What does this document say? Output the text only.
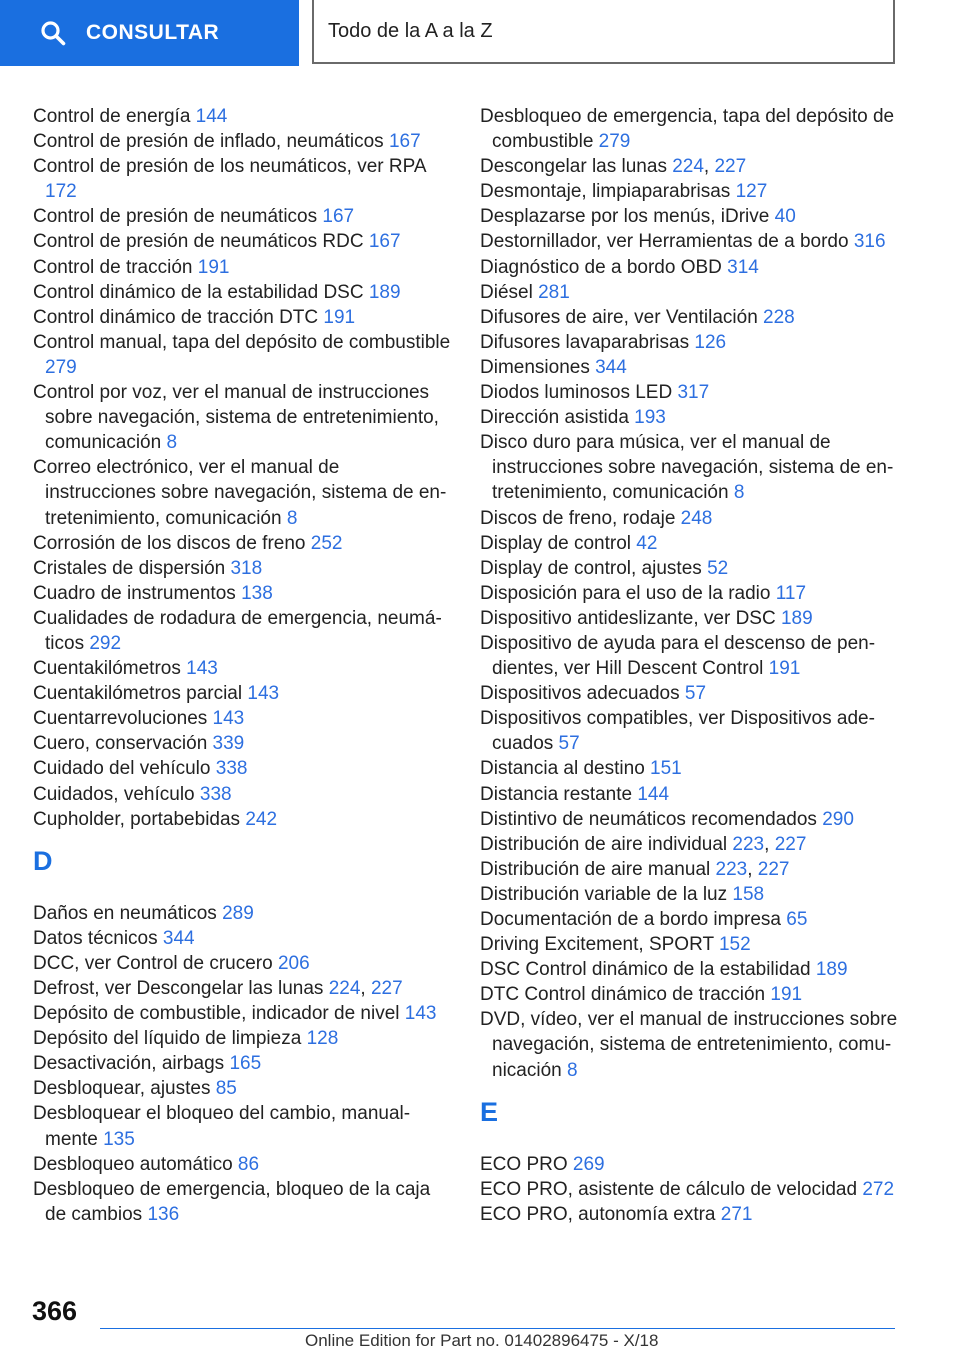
CONSULTAR	Todo de la A a la Z
Control de energía 144
Control de presión de inflado, neumáticos 167
Control de presión de los neumáticos, ver RPA 172
Control de presión de neumáticos 167
Control de presión de neumáticos RDC 167
Control de tracción 191
Control dinámico de la estabilidad DSC 189
Control dinámico de tracción DTC 191
Control manual, tapa del depósito de combustible 279
Control por voz, ver el manual de instrucciones sobre navegación, sistema de entretenimiento, comunicación 8
Correo electrónico, ver el manual de instrucciones sobre navegación, sistema de entretenimiento, comunicación 8
Corrosión de los discos de freno 252
Cristales de dispersión 318
Cuadro de instrumentos 138
Cualidades de rodadura de emergencia, neumáticos 292
Cuentakilómetros 143
Cuentakilómetros parcial 143
Cuentarrevoluciones 143
Cuero, conservación 339
Cuidado del vehículo 338
Cuidados, vehículo 338
Cupholder, portabebidas 242
D
Daños en neumáticos 289
Datos técnicos 344
DCC, ver Control de crucero 206
Defrost, ver Descongelar las lunas 224, 227
Depósito de combustible, indicador de nivel 143
Depósito del líquido de limpieza 128
Desactivación, airbags 165
Desbloquear, ajustes 85
Desbloquear el bloqueo del cambio, manualmente 135
Desbloqueo automático 86
Desbloqueo de emergencia, bloqueo de la caja de cambios 136
Desbloqueo de emergencia, tapa del depósito de combustible 279
Descongelar las lunas 224, 227
Desmontaje, limpiaparabrisas 127
Desplazarse por los menús, iDrive 40
Destornillador, ver Herramientas de a bordo 316
Diagnóstico de a bordo OBD 314
Diésel 281
Difusores de aire, ver Ventilación 228
Difusores lavaparabrisas 126
Dimensiones 344
Diodos luminosos LED 317
Dirección asistida 193
Disco duro para música, ver el manual de instrucciones sobre navegación, sistema de entretenimiento, comunicación 8
Discos de freno, rodaje 248
Display de control 42
Display de control, ajustes 52
Disposición para el uso de la radio 117
Dispositivo antideslizante, ver DSC 189
Dispositivo de ayuda para el descenso de pendientes, ver Hill Descent Control 191
Dispositivos adecuados 57
Dispositivos compatibles, ver Dispositivos adecuados 57
Distancia al destino 151
Distancia restante 144
Distintivo de neumáticos recomendados 290
Distribución de aire individual 223, 227
Distribución de aire manual 223, 227
Distribución variable de la luz 158
Documentación de a bordo impresa 65
Driving Excitement, SPORT 152
DSC Control dinámico de la estabilidad 189
DTC Control dinámico de tracción 191
DVD, vídeo, ver el manual de instrucciones sobre navegación, sistema de entretenimiento, comunicación 8
E
ECO PRO 269
ECO PRO, asistente de cálculo de velocidad 272
ECO PRO, autonomía extra 271
366
Online Edition for Part no. 01402896475 - X/18
